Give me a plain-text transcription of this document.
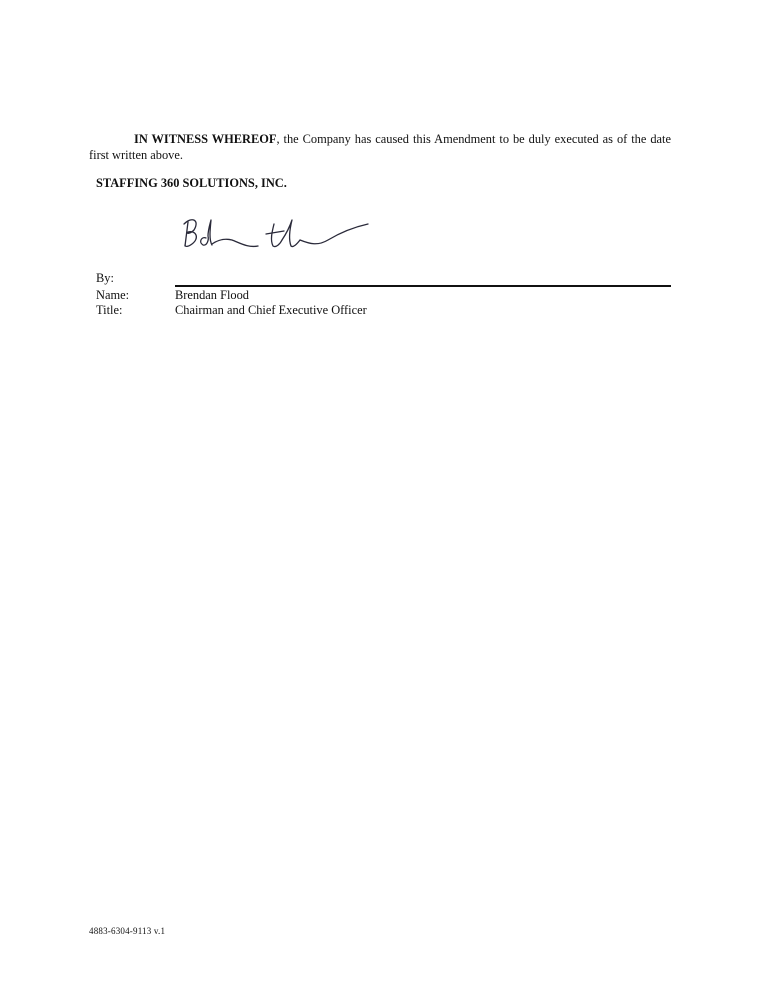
IN WITNESS WHEREOF, the Company has caused this Amendment to be duly executed as of the date first written above.

STAFFING 360 SOLUTIONS, INC.

By:
Name:	Brendan Flood
Title:	Chairman and Chief Executive Officer
4883-6304-9113 v.1
